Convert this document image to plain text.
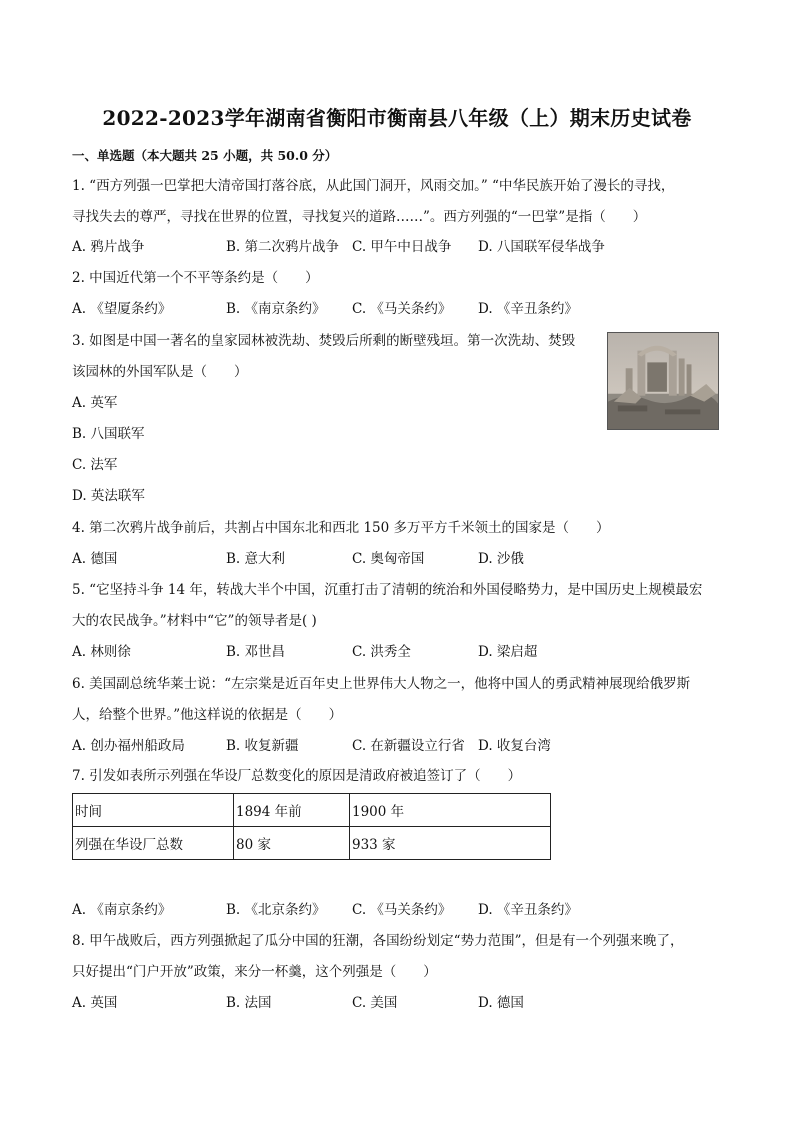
2022-2023学年湖南省衡阳市衡南县八年级（上）期末历史试卷
一、单选题（本大题共 25 小题，共 50.0 分）
1. “西方列强一巴掌把大清帝国打落谷底，从此国门洞开，风雨交加。” “中华民族开始了漫长的寻找，
寻找失去的尊严，寻找在世界的位置，寻找复兴的道路……”。西方列强的“一巴掌”是指（　　）
A. 鸦片战争	B. 第二次鸦片战争 C. 甲午中日战争 D. 八国联军侵华战争
2. 中国近代第一个不平等条约是（　　）
A. 《望厦条约》	B. 《南京条约》 C. 《马关条约》 D. 《辛丑条约》
3. 如图是中国一著名的皇家园林被洗劫、焚毁后所剩的断壁残垣。第一次洗劫、焚毁
该园林的外国军队是（　　）
A. 英军
B. 八国联军
C. 法军
D. 英法联军
4. 第二次鸦片战争前后，共割占中国东北和西北 150 多万平方千米领土的国家是（　　）
A. 德国	B. 意大利	C. 奥匈帝国	D. 沙俄
5. “它坚持斗争 14 年，转战大半个中国，沉重打击了清朝的统治和外国侵略势力，是中国历史上规模最宏
大的农民战争。”材料中“它”的领导者是( )
A. 林则徐	B. 邓世昌	C. 洪秀全	D. 梁启超
6. 美国副总统华莱士说：“左宗棠是近百年史上世界伟大人物之一，他将中国人的勇武精神展现给俄罗斯
人，给整个世界。”他这样说的依据是（　　）
A. 创办福州船政局	B. 收复新疆	C. 在新疆设立行省 D. 收复台湾
7. 引发如表所示列强在华设厂总数变化的原因是清政府被追签订了（　　）
时间	1894 年前	1900 年
列强在华设厂总数	80 家	933 家
A. 《南京条约》	B. 《北京条约》 C. 《马关条约》 D. 《辛丑条约》
8. 甲午战败后，西方列强掀起了瓜分中国的狂潮，各国纷纷划定“势力范围”，但是有一个列强来晚了，
只好提出“门户开放”政策，来分一杯羹，这个列强是（　　）
A. 英国	B. 法国	C. 美国	D. 德国
